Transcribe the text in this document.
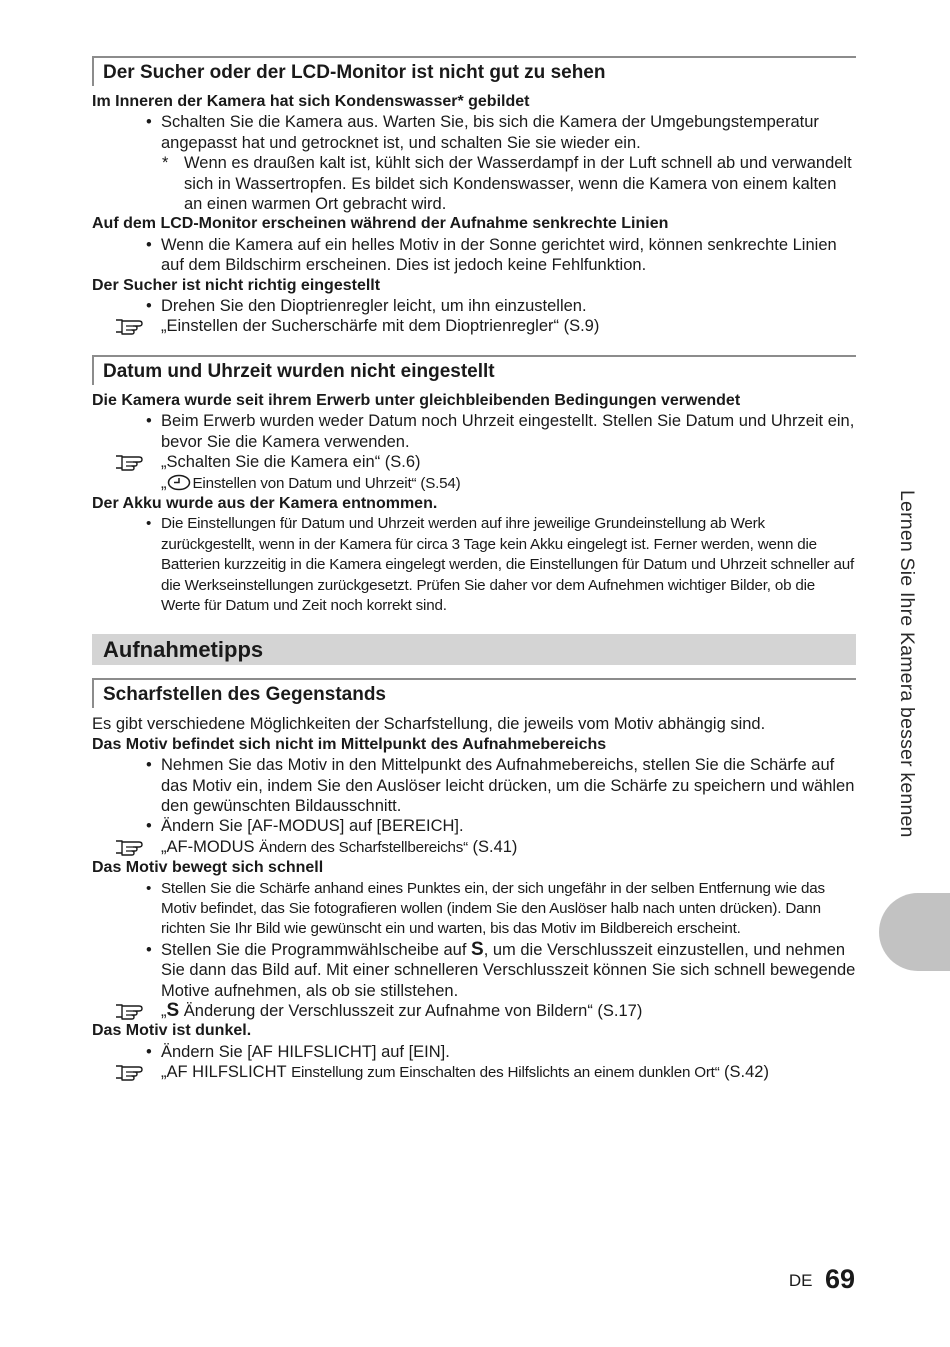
Der Sucher oder der LCD-Monitor ist nicht gut zu sehen
Im Inneren der Kamera hat sich Kondenswasser* gebildet
• Schalten Sie die Kamera aus. Warten Sie, bis sich die Kamera der Umgebungstemperatur angepasst hat und getrocknet ist, und schalten Sie sie wieder ein.
* Wenn es draußen kalt ist, kühlt sich der Wasserdampf in der Luft schnell ab und verwandelt sich in Wassertropfen. Es bildet sich Kondenswasser, wenn die Kamera von einem kalten an einen warmen Ort gebracht wird.
Auf dem LCD-Monitor erscheinen während der Aufnahme senkrechte Linien
• Wenn die Kamera auf ein helles Motiv in der Sonne gerichtet wird, können senkrechte Linien auf dem Bildschirm erscheinen. Dies ist jedoch keine Fehlfunktion.
Der Sucher ist nicht richtig eingestellt
• Drehen Sie den Dioptrienregler leicht, um ihn einzustellen.
„Einstellen der Sucherschärfe mit dem Dioptrienregler“ (S.9)
Datum und Uhrzeit wurden nicht eingestellt
Die Kamera wurde seit ihrem Erwerb unter gleichbleibenden Bedingungen verwendet
• Beim Erwerb wurden weder Datum noch Uhrzeit eingestellt. Stellen Sie Datum und Uhrzeit ein, bevor Sie die Kamera verwenden.
„Schalten Sie die Kamera ein“ (S.6)
„ Einstellen von Datum und Uhrzeit“ (S.54)
Der Akku wurde aus der Kamera entnommen.
• Die Einstellungen für Datum und Uhrzeit werden auf ihre jeweilige Grundeinstellung ab Werk zurückgestellt, wenn in der Kamera für circa 3 Tage kein Akku eingelegt ist. Ferner werden, wenn die Batterien kurzzeitig in die Kamera eingelegt werden, die Einstellungen für Datum und Uhrzeit schneller auf die Werkseinstellungen zurückgesetzt. Prüfen Sie daher vor dem Aufnehmen wichtiger Bilder, ob die Werte für Datum und Zeit noch korrekt sind.
Aufnahmetipps
Scharfstellen des Gegenstands
Es gibt verschiedene Möglichkeiten der Scharfstellung, die jeweils vom Motiv abhängig sind.
Das Motiv befindet sich nicht im Mittelpunkt des Aufnahmebereichs
• Nehmen Sie das Motiv in den Mittelpunkt des Aufnahmebereichs, stellen Sie die Schärfe auf das Motiv ein, indem Sie den Auslöser leicht drücken, um die Schärfe zu speichern und wählen den gewünschten Bildausschnitt.
• Ändern Sie [AF-MODUS] auf [BEREICH].
„AF-MODUS Ändern des Scharfstellbereichs“ (S.41)
Das Motiv bewegt sich schnell
• Stellen Sie die Schärfe anhand eines Punktes ein, der sich ungefähr in der selben Entfernung wie das Motiv befindet, das Sie fotografieren wollen (indem Sie den Auslöser halb nach unten drücken). Dann richten Sie Ihr Bild wie gewünscht ein und warten, bis das Motiv im Bildbereich erscheint.
• Stellen Sie die Programmwählscheibe auf S, um die Verschlusszeit einzustellen, und nehmen Sie dann das Bild auf. Mit einer schnelleren Verschlusszeit können Sie sich schnell bewegende Motive aufnehmen, als ob sie stillstehen.
„S Änderung der Verschlusszeit zur Aufnahme von Bildern“ (S.17)
Das Motiv ist dunkel.
• Ändern Sie [AF HILFSLICHT] auf [EIN].
„AF HILFSLICHT Einstellung zum Einschalten des Hilfslichts an einem dunklen Ort“ (S.42)
Lernen Sie Ihre Kamera besser kennen
DE 69
